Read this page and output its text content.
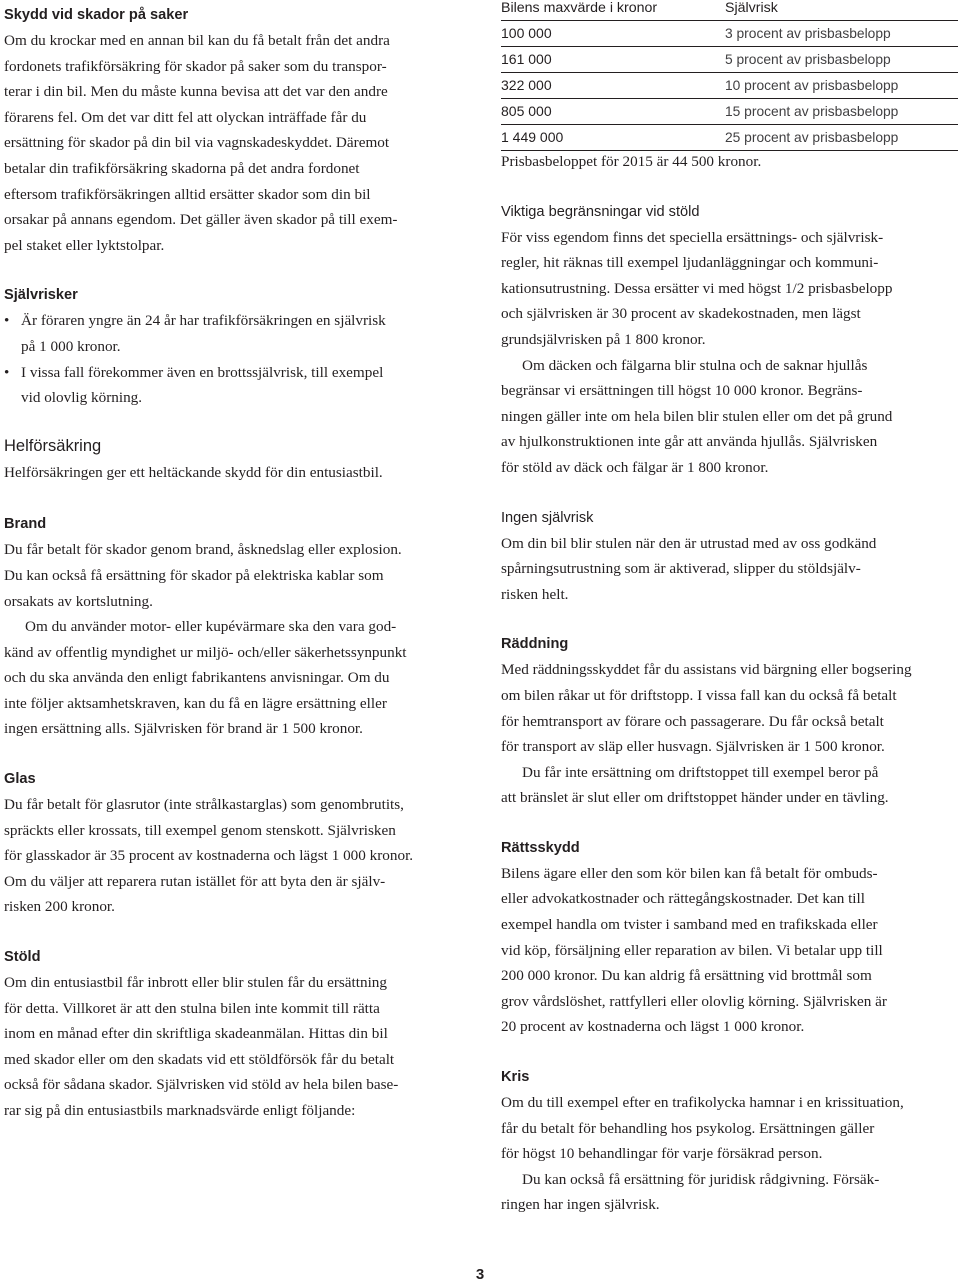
Skydd vid skador på saker

Om du krockar med en annan bil kan du få betalt från det andra
fordonets trafikförsäkring för skador på saker som du transpor-
terar i din bil. Men du måste kunna bevisa att det var den andre
förarens fel. Om det var ditt fel att olyckan inträffade får du
ersättning för skador på din bil via vagnskadeskyddet. Däremot
betalar din trafikförsäkring skadorna på det andra fordonet
eftersom trafikförsäkringen alltid ersätter skador som din bil
orsakar på annans egendom. Det gäller även skador på till exem-
pel staket eller lyktstolpar.

Självrisker
• Är föraren yngre än 24 år har trafikförsäkringen en självrisk
på 1 000 kronor.
• I vissa fall förekommer även en brottssjälvrisk, till exempel
vid olovlig körning.
Helförsäkring

Helförsäkringen ger ett heltäckande skydd för din entusiastbil.

Brand

Du får betalt för skador genom brand, åsknedslag eller explosion.
Du kan också få ersättning för skador på elektriska kablar som
orsakats av kortslutning.

Om du använder motor- eller kupévärmare ska den vara god-
känd av offentlig myndighet ur miljö- och/eller säkerhetssynpunkt
och du ska använda den enligt fabrikantens anvisningar. Om du
inte följer aktsamhetskraven, kan du få en lägre ersättning eller
ingen ersättning alls. Självrisken för brand är 1 500 kronor.

Glas

Du får betalt för glasrutor (inte strålkastarglas) som genombrutits,
spräckts eller krossats, till exempel genom stenskott. Självrisken
för glasskador är 35 procent av kostnaderna och lägst 1 000 kronor.
Om du väljer att reparera rutan istället för att byta den är själv-
risken 200 kronor.

Stöld

Om din entusiastbil får inbrott eller blir stulen får du ersättning
för detta. Villkoret är att den stulna bilen inte kommit till rätta
inom en månad efter din skriftliga skadeanmälan. Hittas din bil
med skador eller om den skadats vid ett stöldförsök får du betalt
också för sådana skador. Självrisken vid stöld av hela bilen base-
rar sig på din entusiastbils marknadsvärde enligt följande:

Bilens maxvärde i kronor	Självrisk
100 000	3 procent av prisbasbelopp
161 000	5 procent av prisbasbelopp
322 000	10 procent av prisbasbelopp
805 000	15 procent av prisbasbelopp
1 449 000	25 procent av prisbasbelopp

Prisbasbeloppet för 2015 är 44 500 kronor.

Viktiga begränsningar vid stöld

För viss egendom finns det speciella ersättnings- och självrisk-
regler, hit räknas till exempel ljudanläggningar och kommuni-
kationsutrustning. Dessa ersätter vi med högst 1/2 prisbasbelopp
och självrisken är 30 procent av skadekostnaden, men lägst
grundsjälvrisken på 1 800 kronor.

Om däcken och fälgarna blir stulna och de saknar hjullås
begränsar vi ersättningen till högst 10 000 kronor. Begräns-
ningen gäller inte om hela bilen blir stulen eller om det på grund
av hjulkonstruktionen inte går att använda hjullås. Självrisken
för stöld av däck och fälgar är 1 800 kronor.

Ingen självrisk

Om din bil blir stulen när den är utrustad med av oss godkänd
spårningsutrustning som är aktiverad, slipper du stöldsjälv-
risken helt.

Räddning

Med räddningsskyddet får du assistans vid bärgning eller bogsering
om bilen råkar ut för driftstopp. I vissa fall kan du också få betalt
för hemtransport av förare och passagerare. Du får också betalt
för transport av släp eller husvagn. Självrisken är 1 500 kronor.

Du får inte ersättning om driftstoppet till exempel beror på
att bränslet är slut eller om driftstoppet händer under en tävling.

Rättsskydd

Bilens ägare eller den som kör bilen kan få betalt för ombuds-
eller advokatkostnader och rättegångskostnader. Det kan till
exempel handla om tvister i samband med en trafikskada eller
vid köp, försäljning eller reparation av bilen. Vi betalar upp till
200 000 kronor. Du kan aldrig få ersättning vid brottmål som
grov vårdslöshet, rattfylleri eller olovlig körning. Självrisken är
20 procent av kostnaderna och lägst 1 000 kronor.

Kris

Om du till exempel efter en trafikolycka hamnar i en krissituation,
får du betalt för behandling hos psykolog. Ersättningen gäller
för högst 10 behandlingar för varje försäkrad person.

Du kan också få ersättning för juridisk rådgivning. Försäk-
ringen har ingen självrisk.

3
